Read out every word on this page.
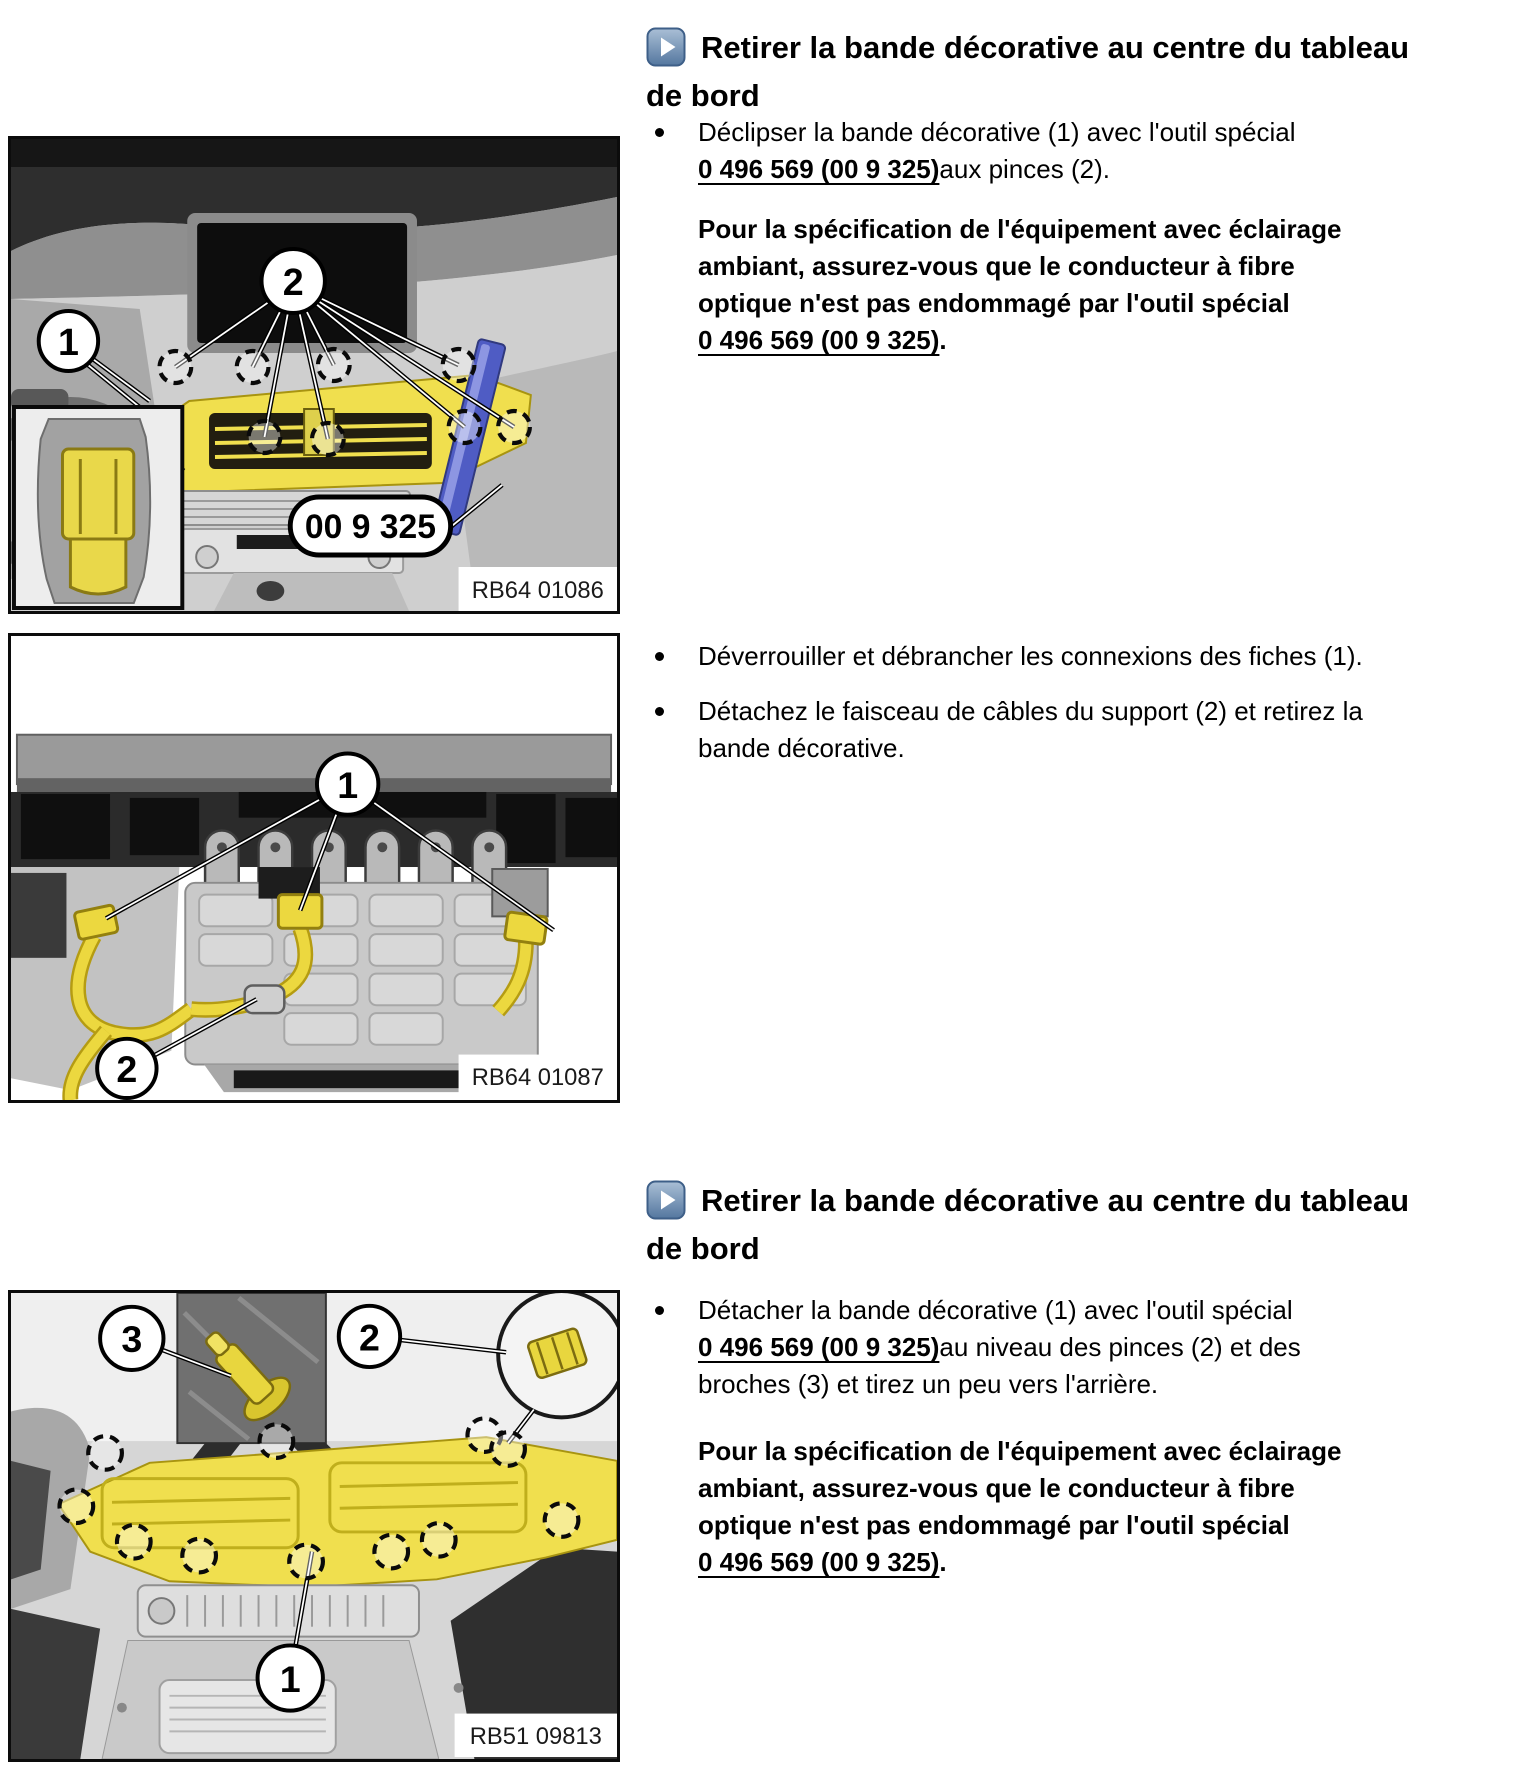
Retirer la bande décorative au centre du tableau
de bord
Déclipser la bande décorative (1) avec l'outil spécial
0 496 569 (00 9 325)aux pinces (2).
Pour la spécification de l'équipement avec éclairage
ambiant, assurez-vous que le conducteur à fibre
optique n'est pas endommagé par l'outil spécial
0 496 569 (00 9 325).
1
2
00 9 325
RB64 01086
Déverrouiller et débrancher les connexions des fiches (1).
Détachez le faisceau de câbles du support (2) et retirez la
bande décorative.
1
2	RB64 01087
Retirer la bande décorative au centre du tableau
de bord
Détacher la bande décorative (1) avec l'outil spécial
0 496 569 (00 9 325)au niveau des pinces (2) et des
broches (3) et tirez un peu vers l'arrière.
Pour la spécification de l'équipement avec éclairage
ambiant, assurez-vous que le conducteur à fibre
optique n'est pas endommagé par l'outil spécial
0 496 569 (00 9 325).
3	2
1
RB51 09813
